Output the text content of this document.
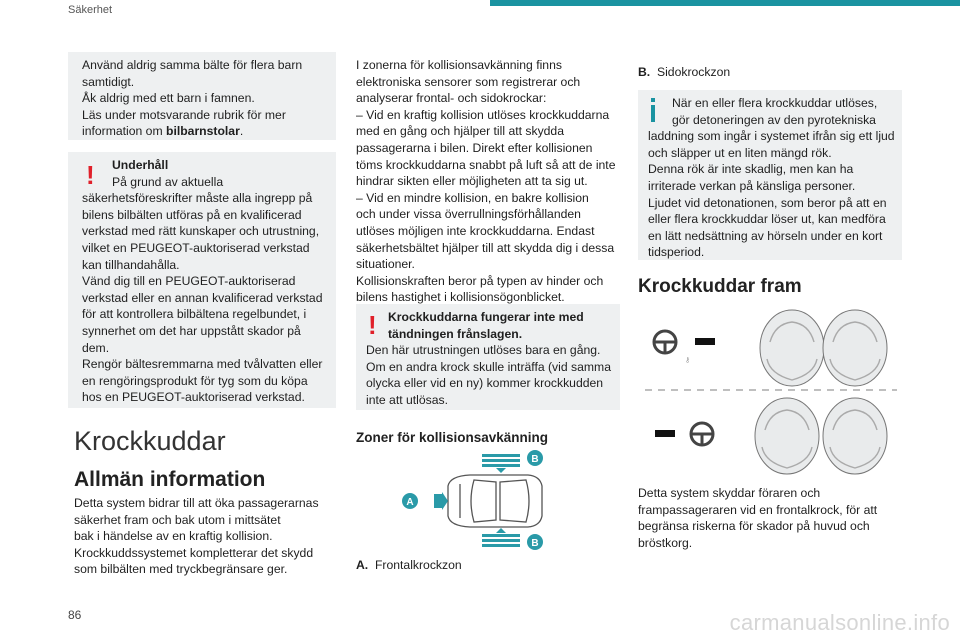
Säkerhet

Använd aldrig samma bälte för flera barn

samtidigt.

Åk aldrig med ett barn i famnen.

Läs under motsvarande rubrik för mer

information om bilbarnstolar.

!	Underhåll

På grund av aktuella

säkerhetsföreskrifter måste alla ingrepp på

bilens bilbälten utföras på en kvalificerad

verkstad med rätt kunskaper och utrustning,

vilket en PEUGEOT-auktoriserad verkstad

kan tillhandahålla.

Vänd dig till en PEUGEOT-auktoriserad

verkstad eller en annan kvalificerad verkstad

för att kontrollera bilbältena regelbundet, i

synnerhet om det har uppstått skador på

dem.

Rengör bältesremmarna med tvålvatten eller

en rengöringsprodukt för tyg som du köpa

hos en PEUGEOT-auktoriserad verkstad.

Krockkuddar
Allmän information

Detta system bidrar till att öka passagerarnas

säkerhet fram och bak utom i mittsätet

bak i händelse av en kraftig kollision.

Krockkuddssystemet kompletterar det skydd

som bilbälten med tryckbegränsare ger.

86

I zonerna för kollisionsavkänning finns

elektroniska sensorer som registrerar och

analyserar frontal- och sidokrockar:

– Vid en kraftig kollision utlöses krockkuddarna

med en gång och hjälper till att skydda

passagerarna i bilen. Direkt efter kollisionen

töms krockkuddarna snabbt på luft så att de inte

hindrar sikten eller möjligheten att ta sig ut.

– Vid en mindre kollision, en bakre kollision

och under vissa överrullningsförhållanden

utlöses möjligen inte krockkuddarna. Endast

säkerhetsbältet hjälper till att skydda dig i dessa

situationer.

Kollisionskraften beror på typen av hinder och

bilens hastighet i kollisionsögonblicket.

! Krockkuddarna fungerar inte med

tändningen frånslagen.

Den här utrustningen utlöses bara en gång.

Om en andra krock skulle inträffa (vid samma

olycka eller vid en ny) kommer krockkudden

inte att utlösas.

Zoner för kollisionsavkänning
A
B
B
A. Frontalkrockzon
B. Sidokrockzon

När en eller flera krockkuddar utlöses,

gör detoneringen av den pyrotekniska

laddning som ingår i systemet ifrån sig ett ljud

och släpper ut en liten mängd rök.

Denna rök är inte skadlig, men kan ha

irriterade verkan på känsliga personer.

Ljudet vid detonationen, som beror på att en

eller flera krockkuddar löser ut, kan medföra

en lätt nedsättning av hörseln under en kort

tidsperiod.

Krockkuddar fram
⚷

Detta system skyddar föraren och

frampassageraren vid en frontalkrock, för att

begränsa riskerna för skador på huvud och

bröstkorg.

carmanualsonline.info
